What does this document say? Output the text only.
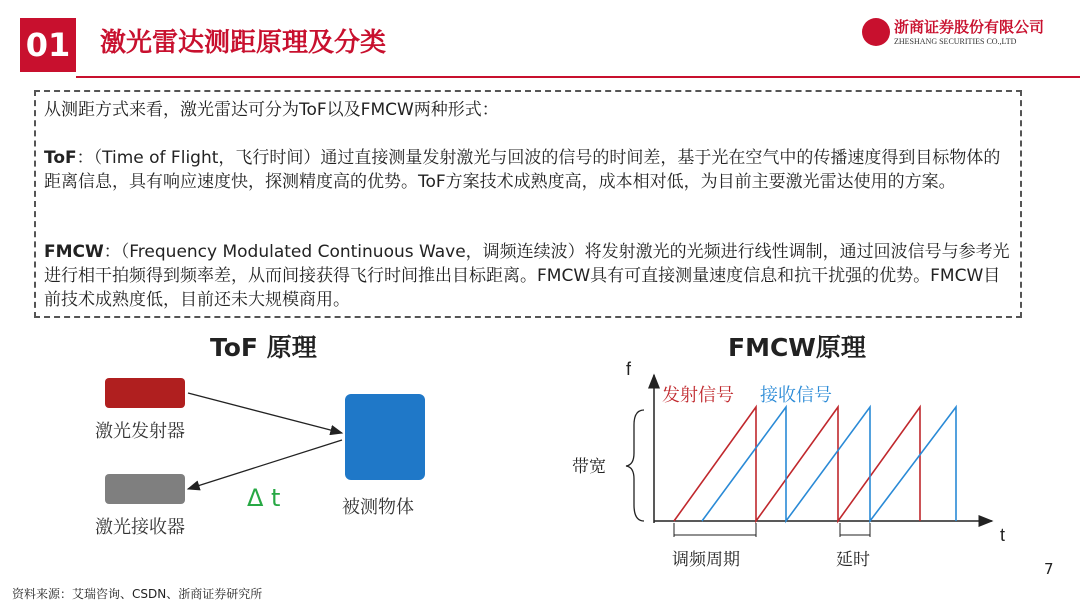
01 激光雷达测距原理及分类
浙商证券股份有限公司
ZHESHANG SECURITIES CO.,LTD
从测距方式来看，激光雷达可分为ToF以及FMCW两种形式：
ToF：（Time of Flight，飞行时间）通过直接测量发射激光与回波的信号的时间差，基于光在空气中的传播速度得到目标物体的距离信息，具有响应速度快，探测精度高的优势。ToF方案技术成熟度高，成本相对低，为目前主要激光雷达使用的方案。
FMCW：（Frequency Modulated Continuous Wave，调频连续波）将发射激光的光频进行线性调制，通过回波信号与参考光进行相干拍频得到频率差，从而间接获得飞行时间推出目标距离。FMCW具有可直接测量速度信息和抗干扰强的优势。FMCW目前技术成熟度低，目前还未大规模商用。
ToF 原理
激光发射器
激光接收器
被测物体
Δ t
FMCW原理
f
t
带宽
发射信号 接收信号
调频周期	延时	7
资料来源：艾瑞咨询、CSDN、浙商证券研究所
